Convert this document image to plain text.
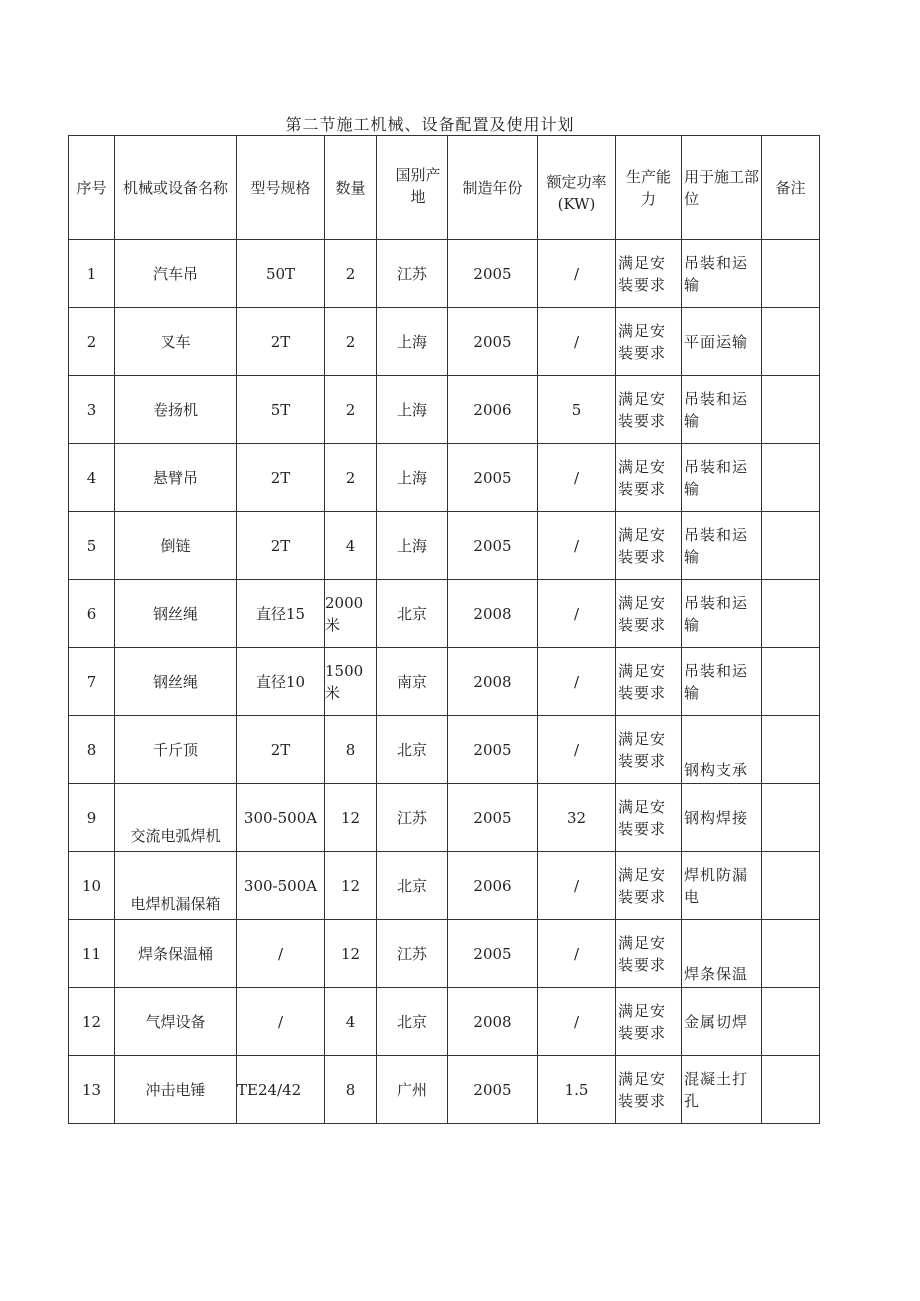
第二节施工机械、设备配置及使用计划
序号	机械或设备名称	型号规格	数量	国别产地	制造年份	额定功率(KW)	生产能力	用于施工部位	备注
1	汽车吊	50T	2	江苏	2005	/	满足安装要求	吊装和运输	
2	叉车	2T	2	上海	2005	/	满足安装要求	平面运输	
3	卷扬机	5T	2	上海	2006	5	满足安装要求	吊装和运输	
4	悬臂吊	2T	2	上海	2005	/	满足安装要求	吊装和运输	
5	倒链	2T	4	上海	2005	/	满足安装要求	吊装和运输	
6	钢丝绳	直径15	2000米	北京	2008	/	满足安装要求	吊装和运输	
7	钢丝绳	直径10	1500米	南京	2008	/	满足安装要求	吊装和运输	
8	千斤顶	2T	8	北京	2005	/	满足安装要求	钢构支承	
9	交流电弧焊机	300-500A	12	江苏	2005	32	满足安装要求	钢构焊接	
10	电焊机漏保箱	300-500A	12	北京	2006	/	满足安装要求	焊机防漏电	
11	焊条保温桶	/	12	江苏	2005	/	满足安装要求	焊条保温	
12	气焊设备	/	4	北京	2008	/	满足安装要求	金属切焊	
13	冲击电锤	TE24/42	8	广州	2005	1.5	满足安装要求	混凝土打孔	
